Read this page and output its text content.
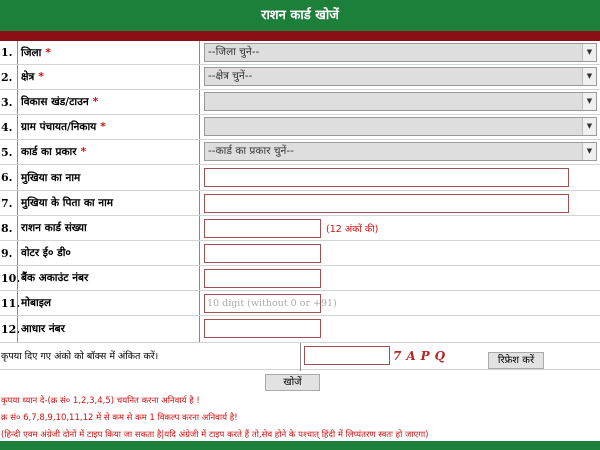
राशन कार्ड खोजें
1. जिला *	--जिला चुने--	▼
2. क्षेत्र *	--क्षेत्र चुनें--	▼
3. विकास खंड/टाउन *	▼
4. ग्राम पंचायत/निकाय *	▼
5. कार्ड का प्रकार *	--कार्ड का प्रकार चुनें--	▼
6. मुखिया का नाम
7. मुखिया के पिता का नाम
8. राशन कार्ड संख्या	(12 अंकों की)
9. वोटर ई० डी०
10. बैंक अकाउंट नंबर
11. मोबाइल	10 digit (without 0 or +91)
12. आधार नंबर
कृपया दिए गए अंको को बॉक्स में अंकित करें।	7APQ	रिफ्रेश करें
खोजें
कृपया ध्यान दे-(क्र सं० 1,2,3,4,5) चयनित करना अनिवार्य है !
क्र सं० 6,7,8,9,10,11,12 में से कम से कम 1 विकल्प करना अनिवार्य है!
(हिन्दी एवम अंग्रेजी दोनों में टाइप किया जा सकता है|यदि अंग्रेजी में टाइप करते हैं तो,सेव होने के पश्चात् हिंदी में लिप्यंतरण स्वतः हो जाएगा)
